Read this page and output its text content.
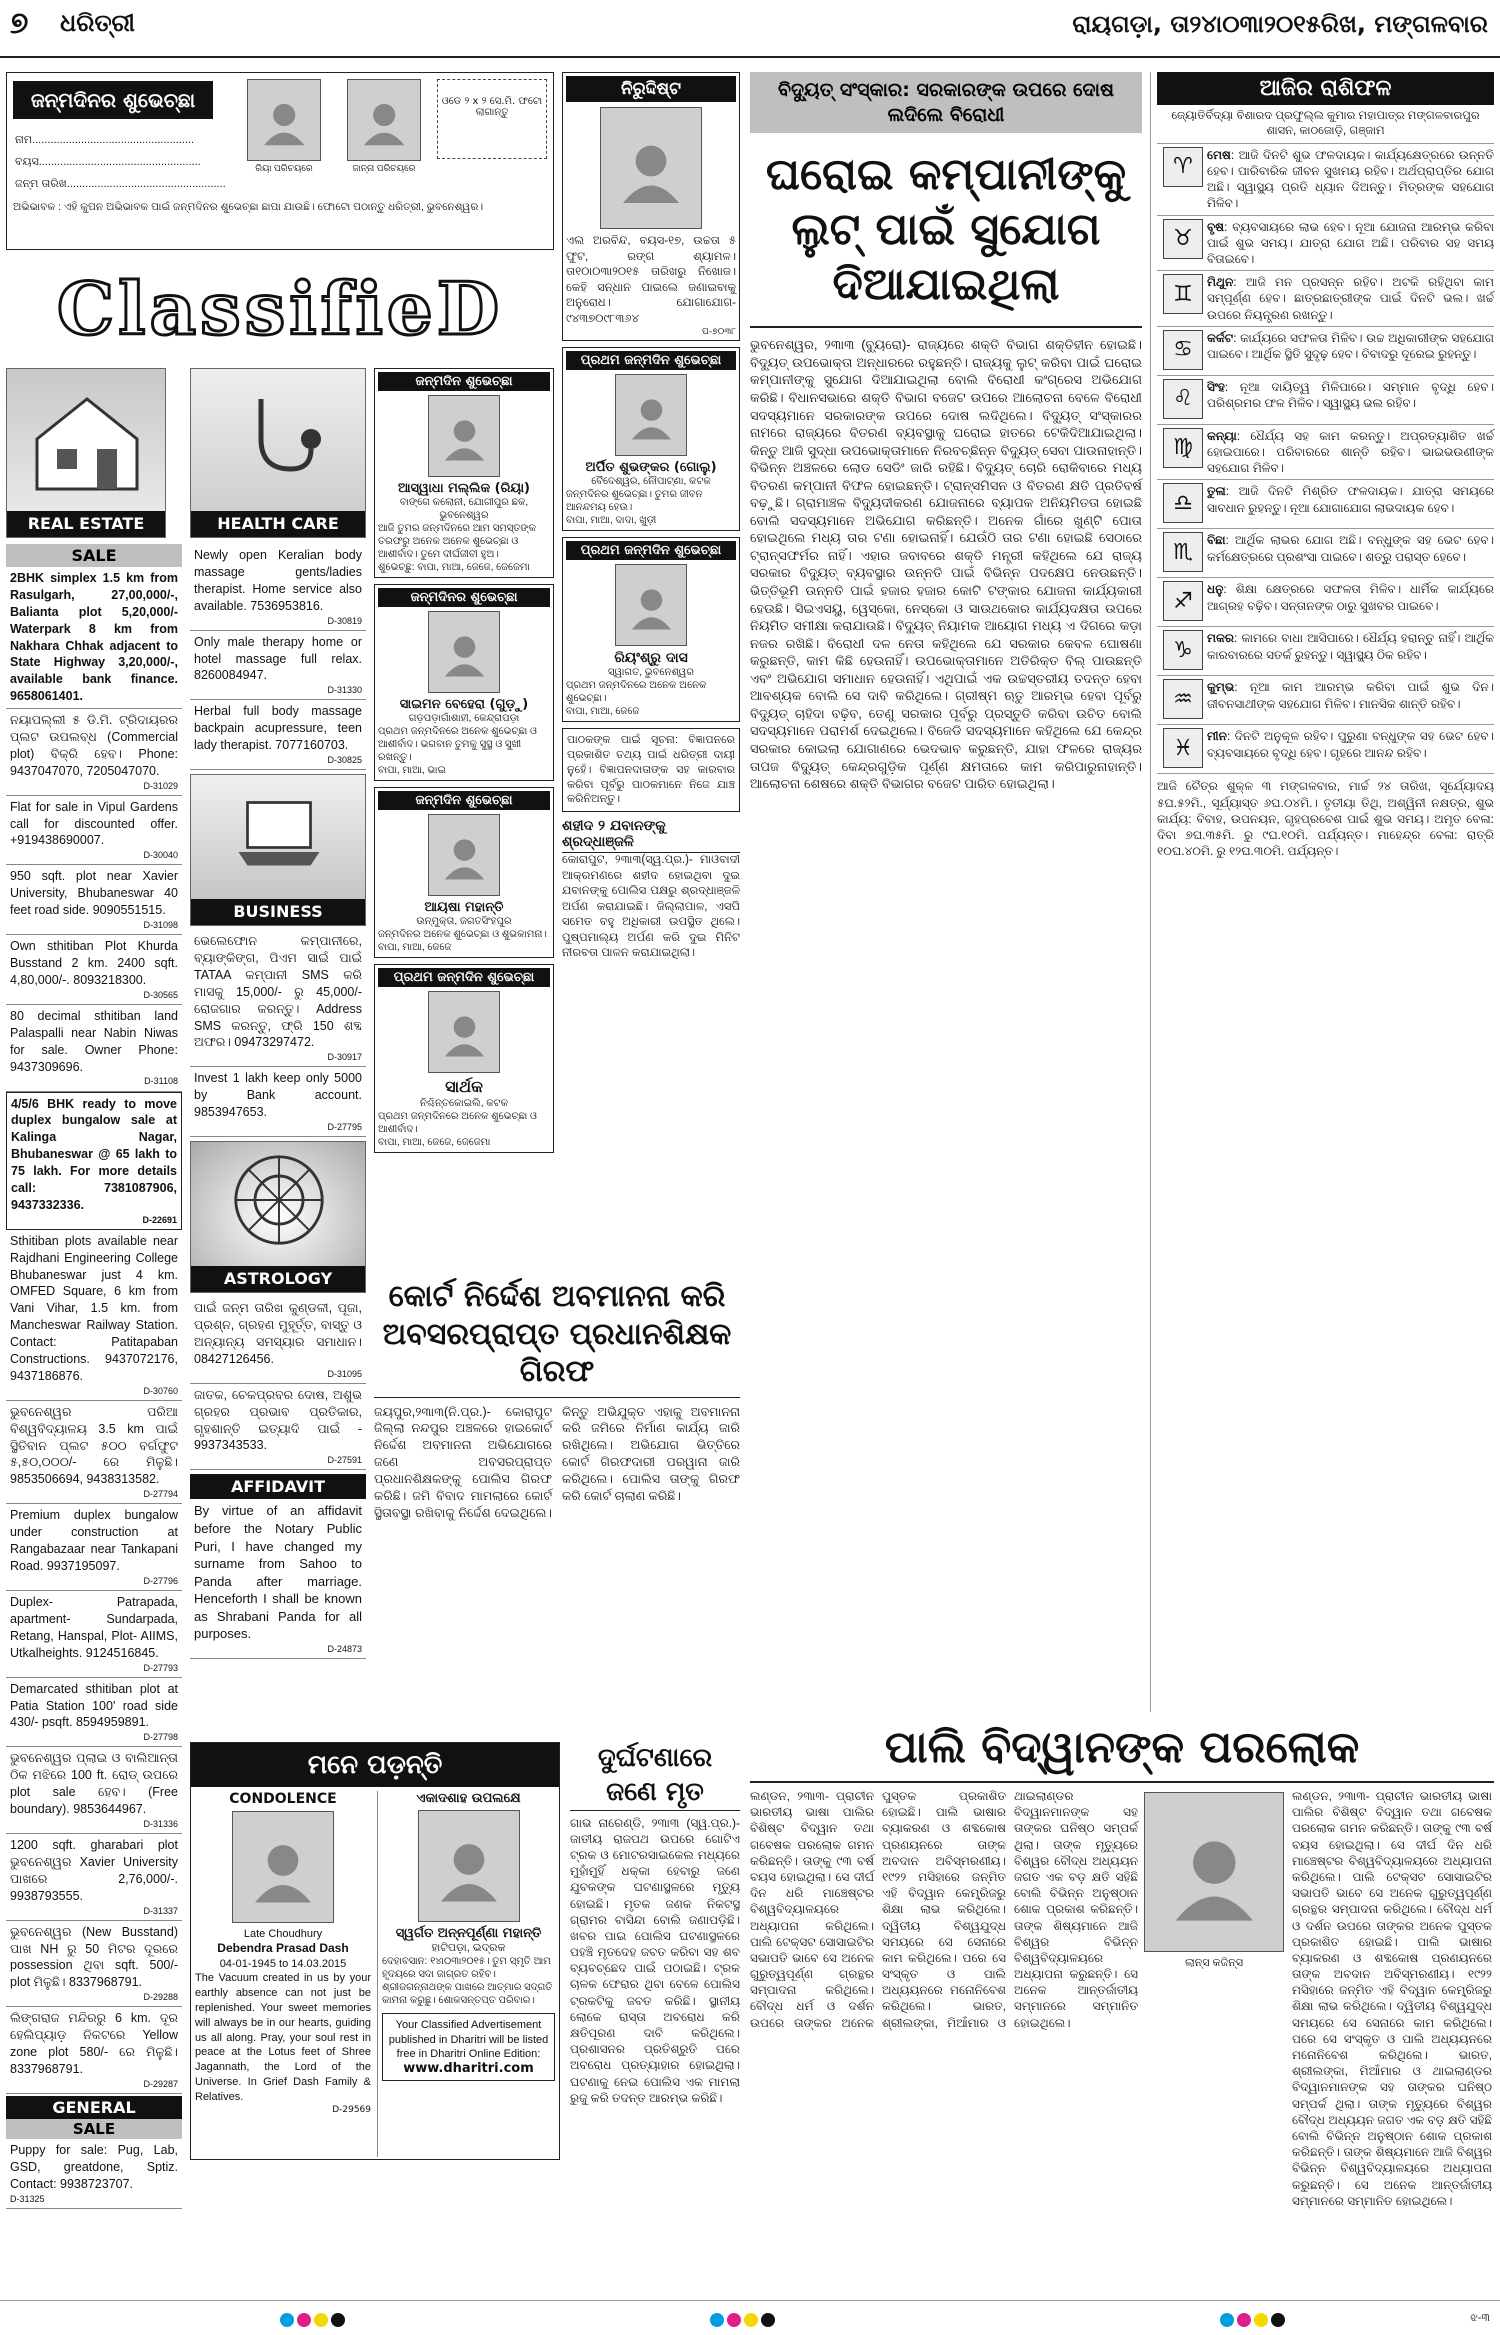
୭ ଧରିତ୍ରୀ	ରାୟଗଡ଼ା, ତା୨୪ା୦୩ା୨୦୧୫ରିଖ, ମଙ୍ଗଳବାର
ଜନ୍ମଦିନର ଶୁଭେଚ୍ଛା
ନାମ.....................................................
ବୟସ.....................................................
ଜନ୍ମ ତାରିଖ....................................................
ରିୟା ପରିଚୟରେ	ଜାନ୍ନା ପରିଚୟରେ
ଓଡେ ୨ x ୨ ସେ.ମି. ଫଟୋ ଲାଗାନ୍ତୁ
ଅଭିଭାବକ : ଏହି କୁପନ ଅଭିଭାବକ ପାଇଁ ଜନ୍ମଦିନର ଶୁଭେଚ୍ଛା ଛାପା ଯାଉଛି। ଫୋଟୋ ପଠାନ୍ତୁ ଧରିତ୍ରୀ, ଭୁବନେଶ୍ୱର।
ClassifieD
REAL ESTATE	HEALTH CARE
SALE
2BHK simplex 1.5 km from Rasulgarh, 27,00,000/-, Balianta plot 5,20,000/- Waterpark 8 km from Nakhara Chhak adjacent to State Highway 3,20,000/-, available bank finance. 9658061401.
ନୟାପଲ୍ଲୀ ୫ ଡି.ମି. ଟ୍ରିଦାୟରର ପ୍ଲଟ ଉପଲବ୍ଧ (Commercial plot) ବିକ୍ରି ହେବ। Phone: 9437047070, 7205047070.
D-31029
Flat for sale in Vipul Gardens call for discounted offer. +919438690007.
D-30040
950 sqft. plot near Xavier University, Bhubaneswar 40 feet road side. 9090551515.
D-31098
Own sthitiban Plot Khurda Busstand 2 km. 2400 sqft. 4,80,000/-. 8093218300.
D-30565
80 decimal sthitiban land Palaspalli near Nabin Niwas for sale. Owner Phone: 9437309696.
D-31108
4/5/6 BHK ready to move duplex bungalow sale at Kalinga Nagar, Bhubaneswar @ 65 lakh to 75 lakh. For more details call: 7381087906, 9437332336.
D-22691
Sthitiban plots available near Rajdhani Engineering College Bhubaneswar just 4 km. OMFED Square, 6 km from Vani Vihar, 1.5 km. from Mancheswar Railway Station. Contact: Patitapaban Constructions. 9437072176, 9437186876.
D-30760
ଭୁବନେଶ୍ୱର ପରିଆ ବିଶ୍ୱବିଦ୍ୟାଳୟ 3.5 km ପାଇଁ ସ୍ଥିତିବାନ ପ୍ଲଟ ୫୦୦ ବର୍ଗଫୁଟ ୫,୫୦,୦୦୦/- ରେ ମିଳୁଛି। 9853506694, 9438313582.
D-27794
Premium duplex bungalow under construction at Rangabazaar near Tankapani Road. 9937195097.
D-27796
Duplex- Patrapada, apartment- Sundarpada, Retang, Hanspal, Plot- AIIMS, Utkalheights. 9124516845.
D-27793
Demarcated sthitiban plot at Patia Station 100' road side 430/- psqft. 8594959891.
D-27798
ଭୁବନେଶ୍ୱର ପ୍ଲାଇ ଓ ବାଲିଆନ୍ତା ଠିକ ମଝିରେ 100 ft. ରୋଡ୍ ଉପରେ plot sale ହେବ। (Free boundary). 9853644967.
D-31336
1200 sqft. gharabari plot ଭୁବନେଶ୍ୱର Xavier University ପାଖରେ 2,76,000/-. 9938793555.
D-31337
ଭୁବନେଶ୍ୱର (New Busstand) ପାଖ NH ରୁ 50 ମିଟର ଦୂରରେ possession ଥିବା sqft. 500/- plot ମିଳୁଛି। 8337968791.
D-29288
ଲିଙ୍ଗରାଜ ମନ୍ଦିରରୁ 6 km. ଦୂର ହେଲିପ୍ୟାଡ଼ ନିକଟରେ Yellow zone plot 580/- ରେ ମିଳୁଛି। 8337968791.
D-29287
GENERAL
SALE
Puppy for sale: Pug, Lab, GSD, greatdone, Sptiz. Contact: 9938723707.
D-31325
Newly open Keralian body massage gents/ladies therapist. Home service also available. 7536953816.
D-30819
Only male therapy home or hotel massage full relax. 8260084947.
D-31330
Herbal full body massage backpain acupressure, teen lady therapist. 7077160703.
D-30825
BUSINESS
ଭେଲେଫୋନ କମ୍ପାନୀରେ, ବ୍ୟାଙ୍କିଙ୍ଗ, ପିଏମ ସାଇଁ ପାଇଁ TATAA କମ୍ପାନୀ SMS କରି ମାସକୁ 15,000/- ରୁ 45,000/- ରୋଜଗାର କରନ୍ତୁ। Address SMS କରନ୍ତୁ, ଫ୍ରି 150 ଶବ୍ଦ ଅଫର। 09473297472.
D-30917
Invest 1 lakh keep only 5000 by Bank account. 9853947653.
D-27795
ASTROLOGY
ପାଇଁ ଜନ୍ମ ତାରିଖ କୁଣ୍ଡଳୀ, ପୂଜା, ପ୍ରଶ୍ନ, ଗ୍ରହଣ ମୁହୂର୍ତ୍ତ, ବାସ୍ତୁ ଓ ଅନ୍ୟାନ୍ୟ ସମସ୍ୟାର ସମାଧାନ। 08427126456.
D-31095
ଜାତକ, ଚେକପ୍ରବର ଦୋଷ, ଅଶୁଭ ଗ୍ରହର ପ୍ରଭାବ ପ୍ରତିକାର, ଗୃହଶାନ୍ତି ଇତ୍ୟାଦି ପାଇଁ - 9937343533.
D-27591
AFFIDAVIT
By virtue of an affidavit before the Notary Public Puri, I have changed my surname from Sahoo to Panda after marriage. Henceforth I shall be known as Shrabani Panda for all purposes.
D-24873
ଜନ୍ମଦିନ ଶୁଭେଚ୍ଛା
ଆସ୍ୱାଧା ମଲ୍ଲିକ (ରିୟା)
ବାଙ୍ଗେ କଲୋନୀ, ଯୋଗୀପୁର ଛକ, ଭୁବନେଶ୍ୱର
ଆଜି ତୁମର ଜନ୍ମଦିନରେ ଆମ ସମସ୍ତଙ୍କ ତରଫରୁ ଅନେକ ଅନେକ ଶୁଭେଚ୍ଛା ଓ ଆଶୀର୍ବାଦ। ତୁମେ ଦୀର୍ଘଜୀବୀ ହୁଅ।
ଶୁଭେଚ୍ଛୁ: ବାପା, ମାଆ, ଜେଜେ, ଜେଜେମା
ଜନ୍ମଦିନର ଶୁଭେଚ୍ଛା
ସାଇମନ ବେହେରା (ଗୁଡ଼ୁ)
ଗଡ଼ପଡ଼ାଗାଁଶାହୀ, କେନ୍ଦ୍ରାପଡ଼ା
ପ୍ରଥମ ଜନ୍ମଦିନରେ ଅନେକ ଶୁଭେଚ୍ଛା ଓ ଆଶୀର୍ବାଦ। ଭଗବାନ ତୁମକୁ ସୁସ୍ଥ ଓ ସୁଖୀ ରଖନ୍ତୁ।
ବାପା, ମାଆ, ଭାଇ
ଜନ୍ମଦିନ ଶୁଭେଚ୍ଛା
ଆୟଷା ମହାନ୍ତି
ଉନ୍ମୁକ୍ତା, ଜଗତସିଂହପୁର
ଜନ୍ମଦିନର ଅନେକ ଶୁଭେଚ୍ଛା ଓ ଶୁଭକାମନା।
ବାପା, ମାଆ, ଜେଜେ
ପ୍ରଥମ ଜନ୍ମଦିନ ଶୁଭେଚ୍ଛା
ସାର୍ଥକ
ନିଶ୍ଚିନ୍ତକୋଇଲି, କଟକ
ପ୍ରଥମ ଜନ୍ମଦିନରେ ଅନେକ ଶୁଭେଚ୍ଛା ଓ ଆଶୀର୍ବାଦ।
ବାପା, ମାଆ, ଜେଜେ, ଜେଜେମା
ନିରୁଦ୍ଦିଷ୍ଟ
ଏଲ ଅରବିନ୍ଦ, ବୟସ-୧୭, ଉଚ୍ଚତା ୫ ଫୁଟ, ରଙ୍ଗ ଶ୍ୟାମଳ। ତା୧୦ା୦୩ା୨୦୧୫ ତାରିଖରୁ ନିଖୋଜ। କେହି ସନ୍ଧାନ ପାଇଲେ ଜଣାଇବାକୁ ଅନୁରୋଧ। ଯୋଗାଯୋଗ- ୯୪୩୭୦୯୮୩୬୪
ଘ-୭୦୩୮
ପ୍ରଥମ ଜନ୍ମଦିନ ଶୁଭେଚ୍ଛା
ଅର୍ପିତ ଶୁଭଙ୍କର (ଗୋଲୁ)
ବୈଦେଶ୍ୱର, ନୌପାଟ୍ଣା, କଟକ
ଜନ୍ମଦିନର ଶୁଭେଚ୍ଛା। ତୁମର ଜୀବନ ଆନନ୍ଦମୟ ହେଉ।
ବାପା, ମାଆ, ଦାଦା, ଖୁଡ଼ୀ
ପ୍ରଥମ ଜନ୍ମଦିନ ଶୁଭେଚ୍ଛା
ରିୟଂଶ୍ରୁ ଦାସ
ସ୍ୱାଗତ, ଭୁବନେଶ୍ୱର
ପ୍ରଥମ ଜନ୍ମଦିନରେ ଅନେକ ଅନେକ ଶୁଭେଚ୍ଛା।
ବାପା, ମାଆ, ଜେଜେ
ପାଠକଙ୍କ ପାଇଁ ସୂଚନା: ବିଜ୍ଞାପନରେ ପ୍ରକାଶିତ ତଥ୍ୟ ପାଇଁ ଧରିତ୍ରୀ ଦାୟୀ ନୁହେଁ। ବିଜ୍ଞାପନଦାତାଙ୍କ ସହ କାରବାର କରିବା ପୂର୍ବରୁ ପାଠକମାନେ ନିଜେ ଯାଞ୍ଚ କରିନିଅନ୍ତୁ।
ଶହୀଦ ୨ ଯବାନଙ୍କୁ ଶ୍ରଦ୍ଧାଞ୍ଜଳି
କୋରାପୁଟ, ୨୩ା୩(ସ୍ୱ.ପ୍ର.)- ମାଓବାଦୀ ଆକ୍ରମଣରେ ଶହୀଦ ହୋଇଥିବା ଦୁଇ ଯବାନଙ୍କୁ ପୋଲିସ ପକ୍ଷରୁ ଶ୍ରଦ୍ଧାଞ୍ଜଳି ଅର୍ପଣ କରାଯାଇଛି। ଜିଲ୍ଲାପାଳ, ଏସପି ସମେତ ବହୁ ଅଧିକାରୀ ଉପସ୍ଥିତ ଥିଲେ। ପୁଷ୍ପମାଲ୍ୟ ଅର୍ପଣ କରି ଦୁଇ ମିନିଟ ନୀରବତା ପାଳନ କରାଯାଇଥିଲା।
କୋର୍ଟ ନିର୍ଦ୍ଦେଶ ଅବମାନନା କରି ଅବସରପ୍ରାପ୍ତ ପ୍ରଧାନଶିକ୍ଷକ ଗିରଫ
ଜୟପୁର,୨୩ା୩(ନି.ପ୍ର.)- କୋରାପୁଟ ଜିଲ୍ଲା ନନ୍ଦପୁର ଅଞ୍ଚଳରେ ହାଇକୋର୍ଟ ନିର୍ଦ୍ଦେଶ ଅବମାନନା ଅଭିଯୋଗରେ ଜଣେ ଅବସରପ୍ରାପ୍ତ ପ୍ରଧାନଶିକ୍ଷକଙ୍କୁ ପୋଲିସ ଗିରଫ କରିଛି। ଜମି ବିବାଦ ମାମଲାରେ କୋର୍ଟ ସ୍ଥିତାବସ୍ଥା ରଖିବାକୁ ନିର୍ଦ୍ଦେଶ ଦେଇଥିଲେ। କିନ୍ତୁ ଅଭିଯୁକ୍ତ ଏହାକୁ ଅବମାନନା କରି ଜମିରେ ନିର୍ମାଣ କାର୍ଯ୍ୟ ଜାରି ରଖିଥିଲେ। ଅଭିଯୋଗ ଭିତ୍ତିରେ କୋର୍ଟ ଗିରଫଦାରୀ ପରୱାନା ଜାରି କରିଥିଲେ। ପୋଲିସ ତାଙ୍କୁ ଗିରଫ କରି କୋର୍ଟ ଚାଲାଣ କରିଛି।
ବିଦ୍ୟୁତ୍ ସଂସ୍କାର: ସରକାରଙ୍କ ଉପରେ ଦୋଷ ଲଦିଲେ ବିରୋଧୀ
ଘରୋଇ କମ୍ପାନୀଙ୍କୁ ଲୁଟ୍ ପାଇଁ ସୁଯୋଗ ଦିଆଯାଇଥିଲା
ଭୁବନେଶ୍ୱର, ୨୩ା୩ (ବ୍ୟୁରୋ)- ରାଜ୍ୟରେ ଶକ୍ତି ବିଭାଗ ଶକ୍ତିହୀନ ହୋଇଛି। ବିଦ୍ୟୁତ୍ ଉପଭୋକ୍ତା ଅନ୍ଧାରରେ ରହୁଛନ୍ତି। ରାଜ୍ୟକୁ ଲୁଟ୍ କରିବା ପାଇଁ ଘରୋଇ କମ୍ପାନୀଙ୍କୁ ସୁଯୋଗ ଦିଆଯାଇଥିଲା ବୋଲି ବିରୋଧୀ କଂଗ୍ରେସ ଅଭିଯୋଗ କରିଛି। ବିଧାନସଭାରେ ଶକ୍ତି ବିଭାଗ ବଜେଟ ଉପରେ ଆଲୋଚନା ବେଳେ ବିରୋଧୀ ସଦସ୍ୟମାନେ ସରକାରଙ୍କ ଉପରେ ଦୋଷ ଲଦିଥିଲେ। ବିଦ୍ୟୁତ୍ ସଂସ୍କାରର ନାମରେ ରାଜ୍ୟରେ ବିତରଣ ବ୍ୟବସ୍ଥାକୁ ଘରୋଇ ହାତରେ ଟେକିଦିଆଯାଇଥିଲା। କିନ୍ତୁ ଆଜି ସୁଦ୍ଧା ଉପଭୋକ୍ତାମାନେ ନିରବଚ୍ଛିନ୍ନ ବିଦ୍ୟୁତ୍ ସେବା ପାଉନାହାନ୍ତି। ବିଭିନ୍ନ ଅଞ୍ଚଳରେ ଲୋଡ ସେଡିଂ ଜାରି ରହିଛି। ବିଦ୍ୟୁତ୍ ଚୋରି ରୋକିବାରେ ମଧ୍ୟ ବିତରଣ କମ୍ପାନୀ ବିଫଳ ହୋଇଛନ୍ତି। ଟ୍ରାନ୍ସମିସନ ଓ ବିତରଣ କ୍ଷତି ପ୍ରତିବର୍ଷ ବଢ଼ୁଛି। ଗ୍ରାମାଞ୍ଚଳ ବିଦ୍ୟୁଦୀକରଣ ଯୋଜନାରେ ବ୍ୟାପକ ଅନିୟମିତତା ହୋଇଛି ବୋଲି ସଦସ୍ୟମାନେ ଅଭିଯୋଗ କରିଛନ୍ତି। ଅନେକ ଗାଁରେ ଖୁଣ୍ଟି ପୋତା ହୋଇଥିଲେ ମଧ୍ୟ ତାର ଟଣା ହୋଇନାହିଁ। ଯେଉଁଠି ତାର ଟଣା ହୋଇଛି ସେଠାରେ ଟ୍ରାନ୍ସଫର୍ମର ନାହିଁ। ଏହାର ଜବାବରେ ଶକ୍ତି ମନ୍ତ୍ରୀ କହିଥିଲେ ଯେ ରାଜ୍ୟ ସରକାର ବିଦ୍ୟୁତ୍ ବ୍ୟବସ୍ଥାର ଉନ୍ନତି ପାଇଁ ବିଭିନ୍ନ ପଦକ୍ଷେପ ନେଉଛନ୍ତି। ଭିତ୍ତିଭୂମି ଉନ୍ନତି ପାଇଁ ହଜାର ହଜାର କୋଟି ଟଙ୍କାର ଯୋଜନା କାର୍ଯ୍ୟକାରୀ ହେଉଛି। ସିଇଏସୟୁ, ୱେସ୍କୋ, ନେସ୍କୋ ଓ ସାଉଥକୋର କାର୍ଯ୍ୟଦକ୍ଷତା ଉପରେ ନିୟମିତ ସମୀକ୍ଷା କରାଯାଉଛି। ବିଦ୍ୟୁତ୍ ନିୟାମକ ଆୟୋଗ ମଧ୍ୟ ଏ ଦିଗରେ କଡ଼ା ନଜର ରଖିଛି। ବିରୋଧୀ ଦଳ ନେତା କହିଥିଲେ ଯେ ସରକାର କେବଳ ଘୋଷଣା କରୁଛନ୍ତି, କାମ କିଛି ହେଉନାହିଁ। ଉପଭୋକ୍ତାମାନେ ଅତିରିକ୍ତ ବିଲ୍ ପାଉଛନ୍ତି ଏବଂ ଅଭିଯୋଗ ସମାଧାନ ହେଉନାହିଁ। ଏଥିପାଇଁ ଏକ ଉଚ୍ଚସ୍ତରୀୟ ତଦନ୍ତ ହେବା ଆବଶ୍ୟକ ବୋଲି ସେ ଦାବି କରିଥିଲେ। ଗ୍ରୀଷ୍ମ ଋତୁ ଆରମ୍ଭ ହେବା ପୂର୍ବରୁ ବିଦ୍ୟୁତ୍ ଚାହିଦା ବଢ଼ିବ, ତେଣୁ ସରକାର ପୂର୍ବରୁ ପ୍ରସ୍ତୁତି କରିବା ଉଚିତ ବୋଲି ସଦସ୍ୟମାନେ ପରାମର୍ଶ ଦେଇଥିଲେ। ବିଜେଡି ସଦସ୍ୟମାନେ କହିଥିଲେ ଯେ କେନ୍ଦ୍ର ସରକାର କୋଇଲା ଯୋଗାଣରେ ଭେଦଭାବ କରୁଛନ୍ତି, ଯାହା ଫଳରେ ରାଜ୍ୟର ତାପଜ ବିଦ୍ୟୁତ୍ କେନ୍ଦ୍ରଗୁଡ଼ିକ ପୂର୍ଣ୍ଣ କ୍ଷମତାରେ କାମ କରିପାରୁନାହାନ୍ତି। ଆଲୋଚନା ଶେଷରେ ଶକ୍ତି ବିଭାଗର ବଜେଟ ପାରିତ ହୋଇଥିଲା।
ଆଜିର ରାଶିଫଳ
ଜ୍ୟୋତିର୍ବିଦ୍ୟା ବିଶାରଦ ପ୍ରଫୁଲ୍ଲ କୁମାର ମହାପାତ୍ର ମଙ୍ଗଳବାରପୁର ଶାସନ, କାଠଜୋଡ଼ି, ଗଞ୍ଜାମ
♈	ମେଷ: ଆଜି ଦିନଟି ଶୁଭ ଫଳଦାୟକ। କାର୍ଯ୍ୟକ୍ଷେତ୍ରରେ ଉନ୍ନତି ହେବ। ପାରିବାରିକ ଜୀବନ ସୁଖମୟ ରହିବ। ଅର୍ଥପ୍ରାପ୍ତିର ଯୋଗ ଅଛି। ସ୍ୱାସ୍ଥ୍ୟ ପ୍ରତି ଧ୍ୟାନ ଦିଅନ୍ତୁ। ମିତ୍ରଙ୍କ ସହଯୋଗ ମିଳିବ।
♉	ବୃଷ: ବ୍ୟବସାୟରେ ଲାଭ ହେବ। ନୂଆ ଯୋଜନା ଆରମ୍ଭ କରିବା ପାଇଁ ଶୁଭ ସମୟ। ଯାତ୍ରା ଯୋଗ ଅଛି। ପରିବାର ସହ ସମୟ ବିତାଇବେ।
♊	ମିଥୁନ: ଆଜି ମନ ପ୍ରସନ୍ନ ରହିବ। ଅଟକି ରହିଥିବା କାମ ସମ୍ପୂର୍ଣ୍ଣ ହେବ। ଛାତ୍ରଛାତ୍ରୀଙ୍କ ପାଇଁ ଦିନଟି ଭଲ। ଖର୍ଚ୍ଚ ଉପରେ ନିୟନ୍ତ୍ରଣ ରଖନ୍ତୁ।
♋	କର୍କଟ: କାର୍ଯ୍ୟରେ ସଫଳତା ମିଳିବ। ଉଚ୍ଚ ଅଧିକାରୀଙ୍କ ସହଯୋଗ ପାଇବେ। ଆର୍ଥିକ ସ୍ଥିତି ସୁଦୃଢ଼ ହେବ। ବିବାଦରୁ ଦୂରେଇ ରୁହନ୍ତୁ।
♌	ସିଂହ: ନୂଆ ଦାୟିତ୍ୱ ମିଳିପାରେ। ସମ୍ମାନ ବୃଦ୍ଧି ହେବ। ପରିଶ୍ରମର ଫଳ ମିଳିବ। ସ୍ୱାସ୍ଥ୍ୟ ଭଲ ରହିବ।
♍	କନ୍ୟା: ଧୈର୍ଯ୍ୟ ସହ କାମ କରନ୍ତୁ। ଅପ୍ରତ୍ୟାଶିତ ଖର୍ଚ୍ଚ ହୋଇପାରେ। ପରିବାରରେ ଶାନ୍ତି ରହିବ। ଭାଇଭଉଣୀଙ୍କ ସହଯୋଗ ମିଳିବ।
♎	ତୁଳା: ଆଜି ଦିନଟି ମିଶ୍ରିତ ଫଳଦାୟକ। ଯାତ୍ରା ସମୟରେ ସାବଧାନ ରୁହନ୍ତୁ। ନୂଆ ଯୋଗାଯୋଗ ଲାଭଦାୟକ ହେବ।
♏	ବିଛା: ଆର୍ଥିକ ଲାଭର ଯୋଗ ଅଛି। ବନ୍ଧୁଙ୍କ ସହ ଭେଟ ହେବ। କର୍ମକ୍ଷେତ୍ରରେ ପ୍ରଶଂସା ପାଇବେ। ଶତ୍ରୁ ପରାସ୍ତ ହେବେ।
♐	ଧନୁ: ଶିକ୍ଷା କ୍ଷେତ୍ରରେ ସଫଳତା ମିଳିବ। ଧାର୍ମିକ କାର୍ଯ୍ୟରେ ଆଗ୍ରହ ବଢ଼ିବ। ସନ୍ତାନଙ୍କ ଠାରୁ ସୁଖବର ପାଇବେ।
♑	ମକର: କାମରେ ବାଧା ଆସିପାରେ। ଧୈର୍ଯ୍ୟ ହରାନ୍ତୁ ନାହିଁ। ଆର୍ଥିକ କାରବାରରେ ସତର୍କ ରୁହନ୍ତୁ। ସ୍ୱାସ୍ଥ୍ୟ ଠିକ ରହିବ।
♒	କୁମ୍ଭ: ନୂଆ କାମ ଆରମ୍ଭ କରିବା ପାଇଁ ଶୁଭ ଦିନ। ଜୀବନସାଥୀଙ୍କ ସହଯୋଗ ମିଳିବ। ମାନସିକ ଶାନ୍ତି ରହିବ।
♓	ମୀନ: ଦିନଟି ଅନୁକୂଳ ରହିବ। ପୁରୁଣା ବନ୍ଧୁଙ୍କ ସହ ଭେଟ ହେବ। ବ୍ୟବସାୟରେ ବୃଦ୍ଧି ହେବ। ଗୃହରେ ଆନନ୍ଦ ରହିବ।
ଆଜି ଚୈତ୍ର ଶୁକ୍ଳ ୩ ମଙ୍ଗଳବାର, ମାର୍ଚ୍ଚ ୨୪ ତାରିଖ, ସୂର୍ଯ୍ୟୋଦୟ ୫ଘ.୫୨ମି., ସୂର୍ଯ୍ୟାସ୍ତ ୬ଘ.୦୪ମି.। ତୃତୀୟା ତିଥି, ଅଶ୍ୱିନୀ ନକ୍ଷତ୍ର, ଶୁଭ କାର୍ଯ୍ୟ: ବିବାହ, ଉପନୟନ, ଗୃହପ୍ରବେଶ ପାଇଁ ଶୁଭ ସମୟ। ଅମୃତ ବେଳା: ଦିବା ୭ଘ.୩୫ମି. ରୁ ୯ଘ.୧୦ମି. ପର୍ଯ୍ୟନ୍ତ। ମାହେନ୍ଦ୍ର ବେଳା: ରାତ୍ରି ୧୦ଘ.୪୦ମି. ରୁ ୧୨ଘ.୩୦ମି. ପର୍ଯ୍ୟନ୍ତ।
ମନେ ପଡ଼ନ୍ତି
CONDOLENCE
Late Choudhury
Debendra Prasad Dash
04-01-1945 to 14.03.2015
The Vacuum created in us by your earthly absence can not just be replenished. Your sweet memories will always be in our hearts, guiding us all along. Pray, your soul rest in peace at the Lotus feet of Shree Jagannath, the Lord of the Universe. In Grief Dash Family & Relatives.
D-29569
ଏକାଦଶାହ ଉପଲକ୍ଷେ
ସ୍ୱର୍ଗତ ଅନ୍ନପୂର୍ଣ୍ଣା ମହାନ୍ତି
ହାଟିପଡ଼ା, ଭଦ୍ରକ
ଦେହାବସାନ: ୧୪ା୦୩ା୨୦୧୫। ତୁମ ସ୍ମୃତି ଆମ ହୃଦୟରେ ସଦା ଜାଗ୍ରତ ରହିବ। ଶ୍ରୀଜଗନ୍ନାଥଙ୍କ ପାଖରେ ଆତ୍ମାର ସଦ୍ଗତି କାମନା କରୁଛୁ। ଶୋକସନ୍ତପ୍ତ ପରିବାର।
Your Classified Advertisement published in Dharitri will be listed free in Dharitri Online Edition:
www.dharitri.com
ଦୁର୍ଘଟଣାରେ ଜଣେ ମୃତ
ଗାଭ ନାରେଣ୍ଡି, ୨୩ା୩ (ସ୍ୱ.ପ୍ର.)- ଜାତୀୟ ରାଜପଥ ଉପରେ ଗୋଟିଏ ଟ୍ରକ ଓ ମୋଟରସାଇକେଲ ମଧ୍ୟରେ ମୁହାଁମୁହିଁ ଧକ୍କା ହେବାରୁ ଜଣେ ଯୁବକଙ୍କ ଘଟଣାସ୍ଥଳରେ ମୃତ୍ୟୁ ହୋଇଛି। ମୃତକ ଜଣକ ନିକଟସ୍ଥ ଗ୍ରାମର ବାସିନ୍ଦା ବୋଲି ଜଣାପଡ଼ିଛି। ଖବର ପାଇ ପୋଲିସ ଘଟଣାସ୍ଥଳରେ ପହଞ୍ଚି ମୃତଦେହ ଜବତ କରିବା ସହ ଶବ ବ୍ୟବଚ୍ଛେଦ ପାଇଁ ପଠାଇଛି। ଟ୍ରକ ଚାଳକ ଫେରାର ଥିବା ବେଳେ ପୋଲିସ ଟ୍ରକଟିକୁ ଜବତ କରିଛି। ସ୍ଥାନୀୟ ଲୋକେ ରାସ୍ତା ଅବରୋଧ କରି କ୍ଷତିପୂରଣ ଦାବି କରିଥିଲେ। ପ୍ରଶାସନର ପ୍ରତିଶ୍ରୁତି ପରେ ଅବରୋଧ ପ୍ରତ୍ୟାହାର ହୋଇଥିଲା। ଘଟଣାକୁ ନେଇ ପୋଲିସ ଏକ ମାମଲା ରୁଜୁ କରି ତଦନ୍ତ ଆରମ୍ଭ କରିଛି।
ପାଲି ବିଦ୍ୱାନଙ୍କ ପରଲୋକ
ଲାନ୍ସ କଜିନ୍ସ
ଲଣ୍ଡନ, ୨୩ା୩- ପ୍ରାଚୀନ ଭାରତୀୟ ଭାଷା ପାଲିର ବିଶିଷ୍ଟ ବିଦ୍ୱାନ ତଥା ଗବେଷକ ପରଲୋକ ଗମନ କରିଛନ୍ତି। ତାଙ୍କୁ ୯୩ ବର୍ଷ ବୟସ ହୋଇଥିଲା। ସେ ଦୀର୍ଘ ଦିନ ଧରି ମାଞ୍ଚେଷ୍ଟର ବିଶ୍ୱବିଦ୍ୟାଳୟରେ ଅଧ୍ୟାପନା କରିଥିଲେ। ପାଲି ଟେକ୍ସଟ ସୋସାଇଟିର ସଭାପତି ଭାବେ ସେ ଅନେକ ଗୁରୁତ୍ୱପୂର୍ଣ୍ଣ ଗ୍ରନ୍ଥର ସମ୍ପାଦନା କରିଥିଲେ। ବୌଦ୍ଧ ଧର୍ମ ଓ ଦର୍ଶନ ଉପରେ ତାଙ୍କର ଅନେକ ପୁସ୍ତକ ପ୍ରକାଶିତ ହୋଇଛି। ପାଲି ଭାଷାର ବ୍ୟାକରଣ ଓ ଶବ୍ଦକୋଷ ପ୍ରଣୟନରେ ତାଙ୍କ ଅବଦାନ ଅବିସ୍ମରଣୀୟ। ୧୯୨୨ ମସିହାରେ ଜନ୍ମିତ ଏହି ବିଦ୍ୱାନ କେମ୍ବ୍ରିଜରୁ ଶିକ୍ଷା ଲାଭ କରିଥିଲେ। ଦ୍ୱିତୀୟ ବିଶ୍ୱଯୁଦ୍ଧ ସମୟରେ ସେ ସେନାରେ କାମ କରିଥିଲେ। ପରେ ସେ ସଂସ୍କୃତ ଓ ପାଲି ଅଧ୍ୟୟନରେ ମନୋନିବେଶ କରିଥିଲେ। ଭାରତ, ଶ୍ରୀଲଙ୍କା, ମିଆଁମାର ଓ ଥାଇଲାଣ୍ଡର ବିଦ୍ୱାନମାନଙ୍କ ସହ ତାଙ୍କର ଘନିଷ୍ଠ ସମ୍ପର୍କ ଥିଲା। ତାଙ୍କ ମୃତ୍ୟୁରେ ବିଶ୍ୱର ବୌଦ୍ଧ ଅଧ୍ୟୟନ ଜଗତ ଏକ ବଡ଼ କ୍ଷତି ସହିଛି ବୋଲି ବିଭିନ୍ନ ଅନୁଷ୍ଠାନ ଶୋକ ପ୍ରକାଶ କରିଛନ୍ତି। ତାଙ୍କ ଶିଷ୍ୟମାନେ ଆଜି ବିଶ୍ୱର ବିଭିନ୍ନ ବିଶ୍ୱବିଦ୍ୟାଳୟରେ ଅଧ୍ୟାପନା କରୁଛନ୍ତି। ସେ ଅନେକ ଆନ୍ତର୍ଜାତୀୟ ସମ୍ମାନରେ ସମ୍ମାନିତ ହୋଇଥିଲେ।
ଲଣ୍ଡନ, ୨୩ା୩- ପ୍ରାଚୀନ ଭାରତୀୟ ଭାଷା ପାଲିର ବିଶିଷ୍ଟ ବିଦ୍ୱାନ ତଥା ଗବେଷକ ପରଲୋକ ଗମନ କରିଛନ୍ତି। ତାଙ୍କୁ ୯୩ ବର୍ଷ ବୟସ ହୋଇଥିଲା। ସେ ଦୀର୍ଘ ଦିନ ଧରି ମାଞ୍ଚେଷ୍ଟର ବିଶ୍ୱବିଦ୍ୟାଳୟରେ ଅଧ୍ୟାପନା କରିଥିଲେ। ପାଲି ଟେକ୍ସଟ ସୋସାଇଟିର ସଭାପତି ଭାବେ ସେ ଅନେକ ଗୁରୁତ୍ୱପୂର୍ଣ୍ଣ ଗ୍ରନ୍ଥର ସମ୍ପାଦନା କରିଥିଲେ। ବୌଦ୍ଧ ଧର୍ମ ଓ ଦର୍ଶନ ଉପରେ ତାଙ୍କର ଅନେକ ପୁସ୍ତକ ପ୍ରକାଶିତ ହୋଇଛି। ପାଲି ଭାଷାର ବ୍ୟାକରଣ ଓ ଶବ୍ଦକୋଷ ପ୍ରଣୟନରେ ତାଙ୍କ ଅବଦାନ ଅବିସ୍ମରଣୀୟ। ୧୯୨୨ ମସିହାରେ ଜନ୍ମିତ ଏହି ବିଦ୍ୱାନ କେମ୍ବ୍ରିଜରୁ ଶିକ୍ଷା ଲାଭ କରିଥିଲେ। ଦ୍ୱିତୀୟ ବିଶ୍ୱଯୁଦ୍ଧ ସମୟରେ ସେ ସେନାରେ କାମ କରିଥିଲେ। ପରେ ସେ ସଂସ୍କୃତ ଓ ପାଲି ଅଧ୍ୟୟନରେ ମନୋନିବେଶ କରିଥିଲେ। ଭାରତ, ଶ୍ରୀଲଙ୍କା, ମିଆଁମାର ଓ ଥାଇଲାଣ୍ଡର ବିଦ୍ୱାନମାନଙ୍କ ସହ ତାଙ୍କର ଘନିଷ୍ଠ ସମ୍ପର୍କ ଥିଲା। ତାଙ୍କ ମୃତ୍ୟୁରେ ବିଶ୍ୱର ବୌଦ୍ଧ ଅଧ୍ୟୟନ ଜଗତ ଏକ ବଡ଼ କ୍ଷତି ସହିଛି ବୋଲି ବିଭିନ୍ନ ଅନୁଷ୍ଠାନ ଶୋକ ପ୍ରକାଶ କରିଛନ୍ତି। ତାଙ୍କ ଶିଷ୍ୟମାନେ ଆଜି ବିଶ୍ୱର ବିଭିନ୍ନ ବିଶ୍ୱବିଦ୍ୟାଳୟରେ ଅଧ୍ୟାପନା କରୁଛନ୍ତି। ସେ ଅନେକ ଆନ୍ତର୍ଜାତୀୟ ସମ୍ମାନରେ ସମ୍ମାନିତ ହୋଇଥିଲେ।
ଝ-୩
